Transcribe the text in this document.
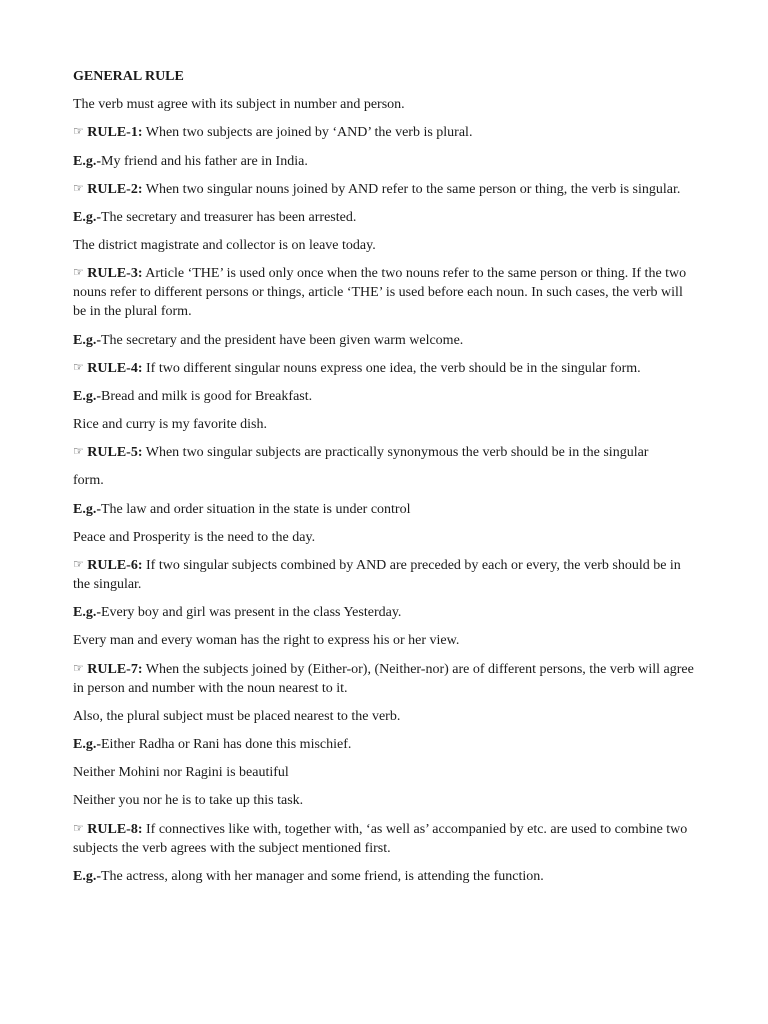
GENERAL RULE

The verb must agree with its subject in number and person.

☞ RULE-1: When two subjects are joined by ‘AND’ the verb is plural.

E.g.-My friend and his father are in India.

☞ RULE-2: When two singular nouns joined by AND refer to the same person or thing, the verb is singular.

E.g.-The secretary and treasurer has been arrested.

The district magistrate and collector is on leave today.

☞ RULE-3: Article ‘THE’ is used only once when the two nouns refer to the same person or thing. If the two nouns refer to different persons or things, article ‘THE’ is used before each noun. In such cases, the verb will be in the plural form.

E.g.-The secretary and the president have been given warm welcome.

☞ RULE-4: If two different singular nouns express one idea, the verb should be in the singular form.

E.g.-Bread and milk is good for Breakfast.

Rice and curry is my favorite dish.

☞ RULE-5: When two singular subjects are practically synonymous the verb should be in the singular

form.

E.g.-The law and order situation in the state is under control

Peace and Prosperity is the need to the day.

☞ RULE-6: If two singular subjects combined by AND are preceded by each or every, the verb should be in the singular.

E.g.-Every boy and girl was present in the class Yesterday.

Every man and every woman has the right to express his or her view.

☞ RULE-7: When the subjects joined by (Either-or), (Neither-nor) are of different persons, the verb will agree in person and number with the noun nearest to it.

Also, the plural subject must be placed nearest to the verb.

E.g.-Either Radha or Rani has done this mischief.

Neither Mohini nor Ragini is beautiful

Neither you nor he is to take up this task.

☞ RULE-8: If connectives like with, together with, ‘as well as’ accompanied by etc. are used to combine two subjects the verb agrees with the subject mentioned first.

E.g.-The actress, along with her manager and some friend, is attending the function.
